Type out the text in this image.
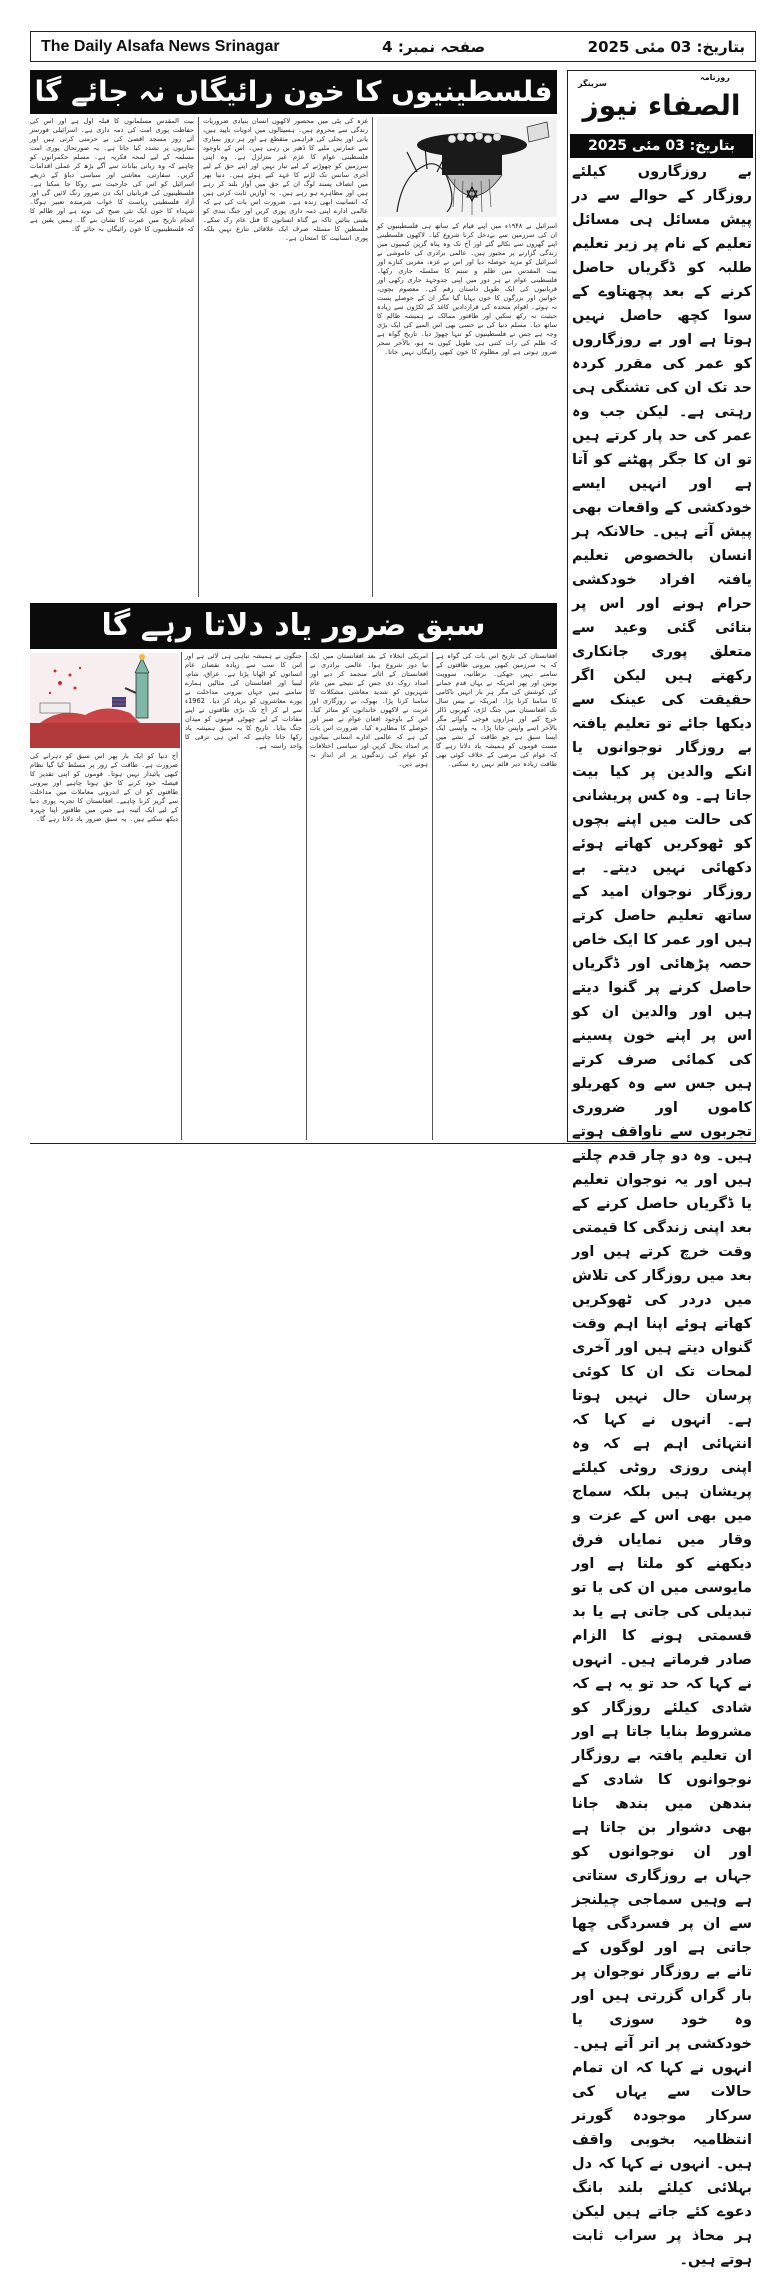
The Daily Alsafa News Srinagar	صفحہ نمبر: 4	بتاریخ: 03 مئی 2025
فلسطینیوں کا خون رائیگاں نہ جائے گا
اسرائیل نے ۱۹۴۸ء میں اپنے قیام کے ساتھ ہی فلسطینیوں کو ان کی سرزمین سے بےدخل کرنا شروع کیا۔ لاکھوں فلسطینی اپنے گھروں سے نکالے گئے اور آج تک وہ پناہ گزین کیمپوں میں زندگی گزارنے پر مجبور ہیں۔ عالمی برادری کی خاموشی نے اسرائیل کو مزید حوصلہ دیا اور اس نے غزہ، مغربی کنارے اور بیت المقدس میں ظلم و ستم کا سلسلہ جاری رکھا۔ فلسطینی عوام نے ہر دور میں اپنی جدوجہد جاری رکھی اور قربانیوں کی ایک طویل داستان رقم کی۔ معصوم بچوں، خواتین اور بزرگوں کا خون بہایا گیا مگر ان کے حوصلے پست نہ ہوئے۔ اقوام متحدہ کی قراردادیں کاغذ کے ٹکڑوں سے زیادہ حیثیت نہ رکھ سکیں اور طاقتور ممالک نے ہمیشہ ظالم کا ساتھ دیا۔ مسلم دنیا کی بے حسی بھی اس المیے کی ایک بڑی وجہ ہے جس نے فلسطینیوں کو تنہا چھوڑ دیا۔ تاریخ گواہ ہے کہ ظلم کی رات کتنی ہی طویل کیوں نہ ہو، بالآخر سحر ضرور ہوتی ہے اور مظلوم کا خون کبھی رائیگاں نہیں جاتا۔
غزہ کی پٹی میں محصور لاکھوں انسان بنیادی ضروریات زندگی سے محروم ہیں۔ ہسپتالوں میں ادویات ناپید ہیں، پانی اور بجلی کی فراہمی منقطع ہے اور ہر روز بمباری سے عمارتیں ملبے کا ڈھیر بن رہی ہیں۔ اس کے باوجود فلسطینی عوام کا عزم غیر متزلزل ہے۔ وہ اپنی سرزمین کو چھوڑنے کے لیے تیار نہیں اور اپنے حق کے لیے آخری سانس تک لڑنے کا عہد کیے ہوئے ہیں۔ دنیا بھر میں انصاف پسند لوگ ان کے حق میں آواز بلند کر رہے ہیں اور مظاہرے ہو رہے ہیں۔ یہ آوازیں ثابت کرتی ہیں کہ انسانیت ابھی زندہ ہے۔ ضرورت اس بات کی ہے کہ عالمی ادارے اپنی ذمہ داری پوری کریں اور جنگ بندی کو یقینی بنائیں تاکہ بے گناہ انسانوں کا قتل عام رک سکے۔ فلسطین کا مسئلہ صرف ایک علاقائی تنازع نہیں بلکہ پوری انسانیت کا امتحان ہے۔
بیت المقدس مسلمانوں کا قبلہ اول ہے اور اس کی حفاظت پوری امت کی ذمہ داری ہے۔ اسرائیلی فورسز آئے روز مسجد اقصیٰ کی بے حرمتی کرتی ہیں اور نمازیوں پر تشدد کیا جاتا ہے۔ یہ صورتحال پوری امت مسلمہ کے لیے لمحہ فکریہ ہے۔ مسلم حکمرانوں کو چاہیے کہ وہ زبانی بیانات سے آگے بڑھ کر عملی اقدامات کریں۔ سفارتی، معاشی اور سیاسی دباؤ کے ذریعے اسرائیل کو اس کی جارحیت سے روکا جا سکتا ہے۔ فلسطینیوں کی قربانیاں ایک دن ضرور رنگ لائیں گی اور آزاد فلسطینی ریاست کا خواب شرمندہ تعبیر ہوگا۔ شہداء کا خون ایک نئی صبح کی نوید ہے اور ظالم کا انجام تاریخ میں عبرت کا نشان بنے گا۔ ہمیں یقین ہے کہ فلسطینیوں کا خون رائیگاں نہ جائے گا۔
سبق ضرور یاد دلاتا رہے گا
افغانستان کی تاریخ اس بات کی گواہ ہے کہ یہ سرزمین کبھی بیرونی طاقتوں کے سامنے نہیں جھکی۔ برطانیہ، سوویت یونین اور پھر امریکہ نے یہاں قدم جمانے کی کوشش کی مگر ہر بار انہیں ناکامی کا سامنا کرنا پڑا۔ امریکہ نے بیس سال تک افغانستان میں جنگ لڑی، کھربوں ڈالر خرچ کیے اور ہزاروں فوجی گنوائے مگر بالآخر اسے واپس جانا پڑا۔ یہ واپسی ایک ایسا سبق ہے جو طاقت کے نشے میں مست قوموں کو ہمیشہ یاد دلاتا رہے گا کہ عوام کی مرضی کے خلاف کوئی بھی طاقت زیادہ دیر قائم نہیں رہ سکتی۔
امریکی انخلاء کے بعد افغانستان میں ایک نیا دور شروع ہوا۔ عالمی برادری نے افغانستان کے اثاثے منجمد کر دیے اور امداد روک دی جس کے نتیجے میں عام شہریوں کو شدید معاشی مشکلات کا سامنا کرنا پڑا۔ بھوک، بے روزگاری اور غربت نے لاکھوں خاندانوں کو متاثر کیا۔ اس کے باوجود افغان عوام نے صبر اور حوصلے کا مظاہرہ کیا۔ ضرورت اس بات کی ہے کہ عالمی ادارے انسانی بنیادوں پر امداد بحال کریں اور سیاسی اختلافات کو عوام کی زندگیوں پر اثر انداز نہ ہونے دیں۔
جنگوں نے ہمیشہ تباہی ہی لائی ہے اور اس کا سب سے زیادہ نقصان عام انسانوں کو اٹھانا پڑتا ہے۔ عراق، شام، لیبیا اور افغانستان کی مثالیں ہمارے سامنے ہیں جہاں بیرونی مداخلت نے پورے معاشروں کو برباد کر دیا۔ 1962ء سے لے کر آج تک بڑی طاقتوں نے اپنے مفادات کے لیے چھوٹی قوموں کو میدان جنگ بنایا۔ تاریخ کا یہ سبق ہمیشہ یاد رکھا جانا چاہیے کہ امن ہی ترقی کا واحد راستہ ہے۔
آج دنیا کو ایک بار پھر اس سبق کو دہرانے کی ضرورت ہے۔ طاقت کے زور پر مسلط کیا گیا نظام کبھی پائیدار نہیں ہوتا۔ قوموں کو اپنی تقدیر کا فیصلہ خود کرنے کا حق ہونا چاہیے اور بیرونی طاقتوں کو ان کے اندرونی معاملات میں مداخلت سے گریز کرنا چاہیے۔ افغانستان کا تجربہ پوری دنیا کے لیے ایک آئینہ ہے جس میں طاقتور اپنا چہرہ دیکھ سکتے ہیں۔ یہ سبق ضرور یاد دلاتا رہے گا۔
روزنامہ
سرینگر
الصفاء نیوز
بتاریخ: 03 مئی 2025
بے روزگاروں کیلئے روزگار کے حوالے سے در پیش مسائل ہی مسائل تعلیم کے نام پر زیر تعلیم طلبہ کو ڈگریاں حاصل کرنے کے بعد پچھتاوے کے سوا کچھ حاصل نہیں ہوتا ہے اور بے روزگاروں کو عمر کی مقرر کردہ حد تک ان کی تشنگی ہی رہتی ہے۔ لیکن جب وہ عمر کی حد پار کرتے ہیں تو ان کا جگر پھٹنے کو آتا ہے اور انہیں ایسے خودکشی کے واقعات بھی پیش آتے ہیں۔ حالانکہ ہر انسان بالخصوص تعلیم یافتہ افراد خودکشی حرام ہونے اور اس پر بتائی گئی وعید سے متعلق پوری جانکاری رکھتے ہیں لیکن اگر حقیقت کی عینک سے دیکھا جائے تو تعلیم یافتہ بے روزگار نوجوانوں یا انکے والدین پر کیا بیت جاتا ہے۔ وہ کس پریشانی کی حالت میں اپنے بچوں کو ٹھوکریں کھاتے ہوئے دکھائی نہیں دیتے۔ بے روزگار نوجوان امید کے ساتھ تعلیم حاصل کرتے ہیں اور عمر کا ایک خاص حصہ پڑھائی اور ڈگریاں حاصل کرنے پر گنوا دیتے ہیں اور والدین ان کو اس پر اپنے خون پسینے کی کمائی صرف کرتے ہیں جس سے وہ کھریلو کاموں اور ضروری تجربوں سے ناواقف ہوتے ہیں۔ وہ دو چار قدم چلتے ہیں اور یہ نوجوان تعلیم یا ڈگریاں حاصل کرنے کے بعد اپنی زندگی کا قیمتی وقت خرچ کرتے ہیں اور بعد میں روزگار کی تلاش میں دردر کی ٹھوکریں کھاتے ہوئے اپنا اہم وقت گنواں دیتے ہیں اور آخری لمحات تک ان کا کوئی پرسان حال نہیں ہوتا ہے۔ انہوں نے کہا کہ انتہائی اہم ہے کہ وہ اپنی روزی روٹی کیلئے پریشان ہیں بلکہ سماج میں بھی اس کے عزت و وقار میں نمایاں فرق دیکھنے کو ملتا ہے اور مایوسی میں ان کی یا تو تبدیلی کی جاتی ہے یا بد قسمتی ہونے کا الزام صادر فرماتے ہیں۔ انہوں نے کہا کہ حد تو یہ ہے کہ شادی کیلئے روزگار کو مشروط بنایا جاتا ہے اور ان تعلیم یافتہ بے روزگار نوجوانوں کا شادی کے بندھن میں بندھ جانا بھی دشوار بن جاتا ہے اور ان نوجوانوں کو جہاں بے روزگاری ستاتی ہے وہیں سماجی چیلنجز سے ان پر فسردگی چھا جاتی ہے اور لوگوں کے تانے بے روزگار نوجوان پر بار گراں گزرتی ہیں اور وہ خود سوزی یا خودکشی پر اتر آتے ہیں۔ انہوں نے کہا کہ ان تمام حالات سے یہاں کی سرکار موجودہ گورنر انتظامیہ بخوبی واقف ہیں۔ انہوں نے کہا کہ دل بہلائی کیلئے بلند بانگ دعوے کئے جاتے ہیں لیکن ہر محاذ پر سراب ثابت ہوتے ہیں۔
